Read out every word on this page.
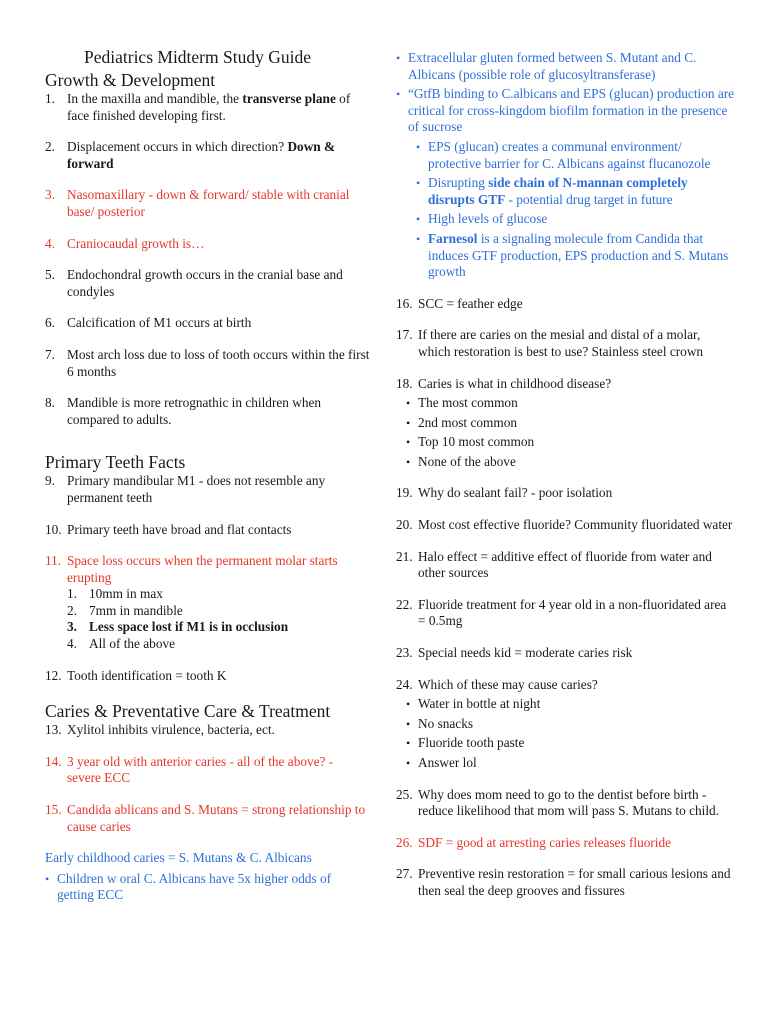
Pediatrics Midterm Study Guide
Growth & Development
1. In the maxilla and mandible, the transverse plane of face finished developing first.
2. Displacement occurs in which direction? Down & forward
3. Nasomaxillary - down & forward/ stable with cranial base/ posterior
4. Craniocaudal growth is…
5. Endochondral growth occurs in the cranial base and condyles
6. Calcification of M1 occurs at birth
7. Most arch loss due to loss of tooth occurs within the first 6 months
8. Mandible is more retrognathic in children when compared to adults.
Primary Teeth Facts
9. Primary mandibular M1 - does not resemble any permanent teeth
10. Primary teeth have broad and flat contacts
11. Space loss occurs when the permanent molar starts erupting
1. 10mm in max
2. 7mm in mandible
3. Less space lost if M1 is in occlusion
4. All of the above
12. Tooth identification = tooth K
Caries & Preventative Care & Treatment
13. Xylitol inhibits virulence, bacteria, ect.
14. 3 year old with anterior caries - all of the above? - severe ECC
15. Candida ablicans and S. Mutans = strong relationship to cause caries
Early childhood caries = S. Mutans & C. Albicans
• Children w oral C. Albicans have 5x higher odds of getting ECC
• Extracellular gluten formed between S. Mutant and C. Albicans (possible role of glucosyltransferase)
• “GtfB binding to C.albicans and EPS (glucan) production are critical for cross-kingdom biofilm formation in the presence of sucrose
• EPS (glucan) creates a communal environment/ protective barrier for C. Albicans against flucanozole
• Disrupting side chain of N-mannan completely disrupts GTF - potential drug target in future
• High levels of glucose
• Farnesol is a signaling molecule from Candida that induces GTF production, EPS production and S. Mutans growth
16. SCC = feather edge
17. If there are caries on the mesial and distal of a molar, which restoration is best to use? Stainless steel crown
18. Caries is what in childhood disease?
• The most common
• 2nd most common
• Top 10 most common
• None of the above
19. Why do sealant fail? - poor isolation
20. Most cost effective fluoride? Community fluoridated water
21. Halo effect = additive effect of fluoride from water and other sources
22. Fluoride treatment for 4 year old in a non-fluoridated area = 0.5mg
23. Special needs kid = moderate caries risk
24. Which of these may cause caries?
• Water in bottle at night
• No snacks
• Fluoride tooth paste
• Answer lol
25. Why does mom need to go to the dentist before birth - reduce likelihood that mom will pass S. Mutans to child.
26. SDF = good at arresting caries releases fluoride
27. Preventive resin restoration = for small carious lesions and then seal the deep grooves and fissures
